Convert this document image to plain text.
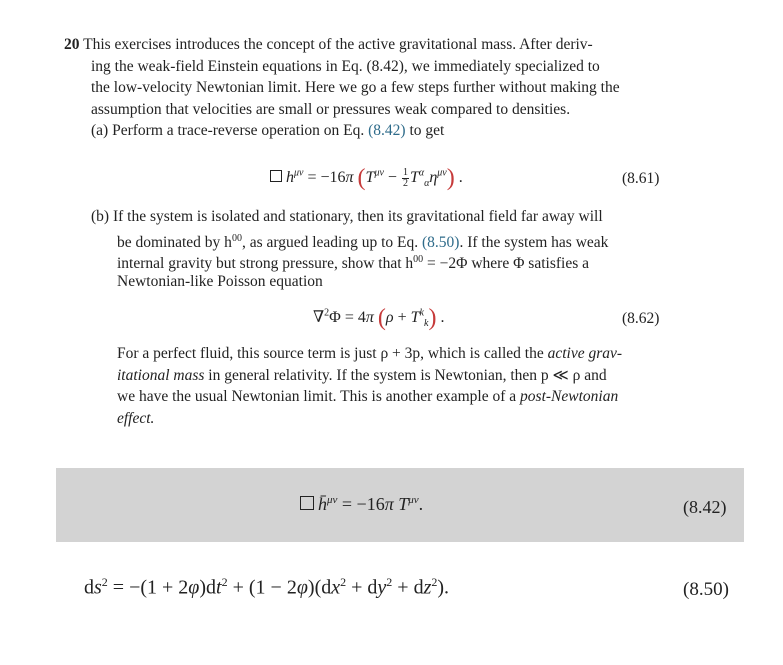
20 This exercises introduces the concept of the active gravitational mass. After deriv-

ing the weak-field Einstein equations in Eq. (8.42), we immediately specialized to

the low-velocity Newtonian limit. Here we go a few steps further without making the

assumption that velocities are small or pressures weak compared to densities.

(a) Perform a trace-reverse operation on Eq. (8.42) to get

$h^{\mu\nu} = -16\pi$ $(T^{\mu\nu} - \frac{1}{2} T^\alpha_\alpha\eta^{\mu\nu})$ .	(8.61)

(b) If the system is isolated and stationary, then its gravitational field far away will

be dominated by $h^{00}$, as argued leading up to Eq. (8.50). If the system has weak

internal gravity but strong pressure, show that $h^{00} = -2\Phi$ where Φ satisfies a

Newtonian-like Poisson equation

∇$^2$Φ = 4π $(\rho + T^k_k)$ .	(8.62)

For a perfect fluid, this source term is just ρ + 3p, which is called the active grav-

itational mass in general relativity. If the system is Newtonian, then p ≪ ρ and

we have the usual Newtonian limit. This is another example of a post-Newtonian

effect.

h̄$^{\mu\nu}$ = −16π $T^{\mu\nu}$.	(8.42)
$ds^2 = -(1 + 2\varphi)dt^2 + (1 - 2\varphi)(dx^2 + dy^2 + dz^2)$.	(8.50)
